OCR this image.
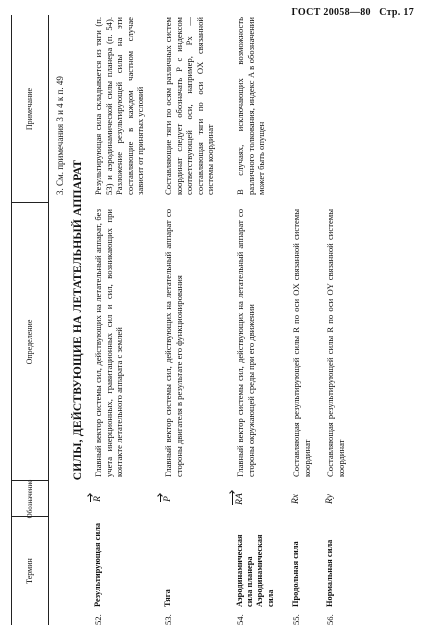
ГОСТ 20058—80 Стр. 17
Термин
Обозначение
Определение
Примечание	3. См. примечания 3 и 4 к п. 49
СИЛЫ, ДЕЙСТВУЮЩИЕ НА ЛЕТАТЕЛЬНЫЙ АППАРАТ
52.
Результирующая сила
R
Главный вектор системы сил, действующих на летательный аппарат, без учета инерционных, гравитационных сил и сил, возникающих при контакте летательного аппарата с землей
Результирующая сила складывается из тяги (п. 53) и аэродинамической силы планера (п. 54). Разложение результирующей силы на эти составляющие в каждом частном случае зависит от принятых условий
53.
Тяга
P
Главный вектор системы сил, действующих на летательный аппарат со стороны двигателя в результате его функционирования
Составляющие тяги по осям различных систем координат следует обозначать P с индексом соответствующей оси, например, Px — составляющая тяги по оси OX связанной системы координат
54.
Аэродинамическая сила планера Аэродинамическая сила
RA
Главный вектор системы сил, действующих на летательный аппарат со стороны окружающей среды при его движении
В случаях, исключающих возможность различного толкования, индекс A в обозначении может быть опущен
55.
Продольная сила
Rx
Составляющая результирующей силы R по оси OX связанной системы координат
56.
Нормальная сила
Ry
Составляющая результирующей силы R по оси OY связанной системы координат
